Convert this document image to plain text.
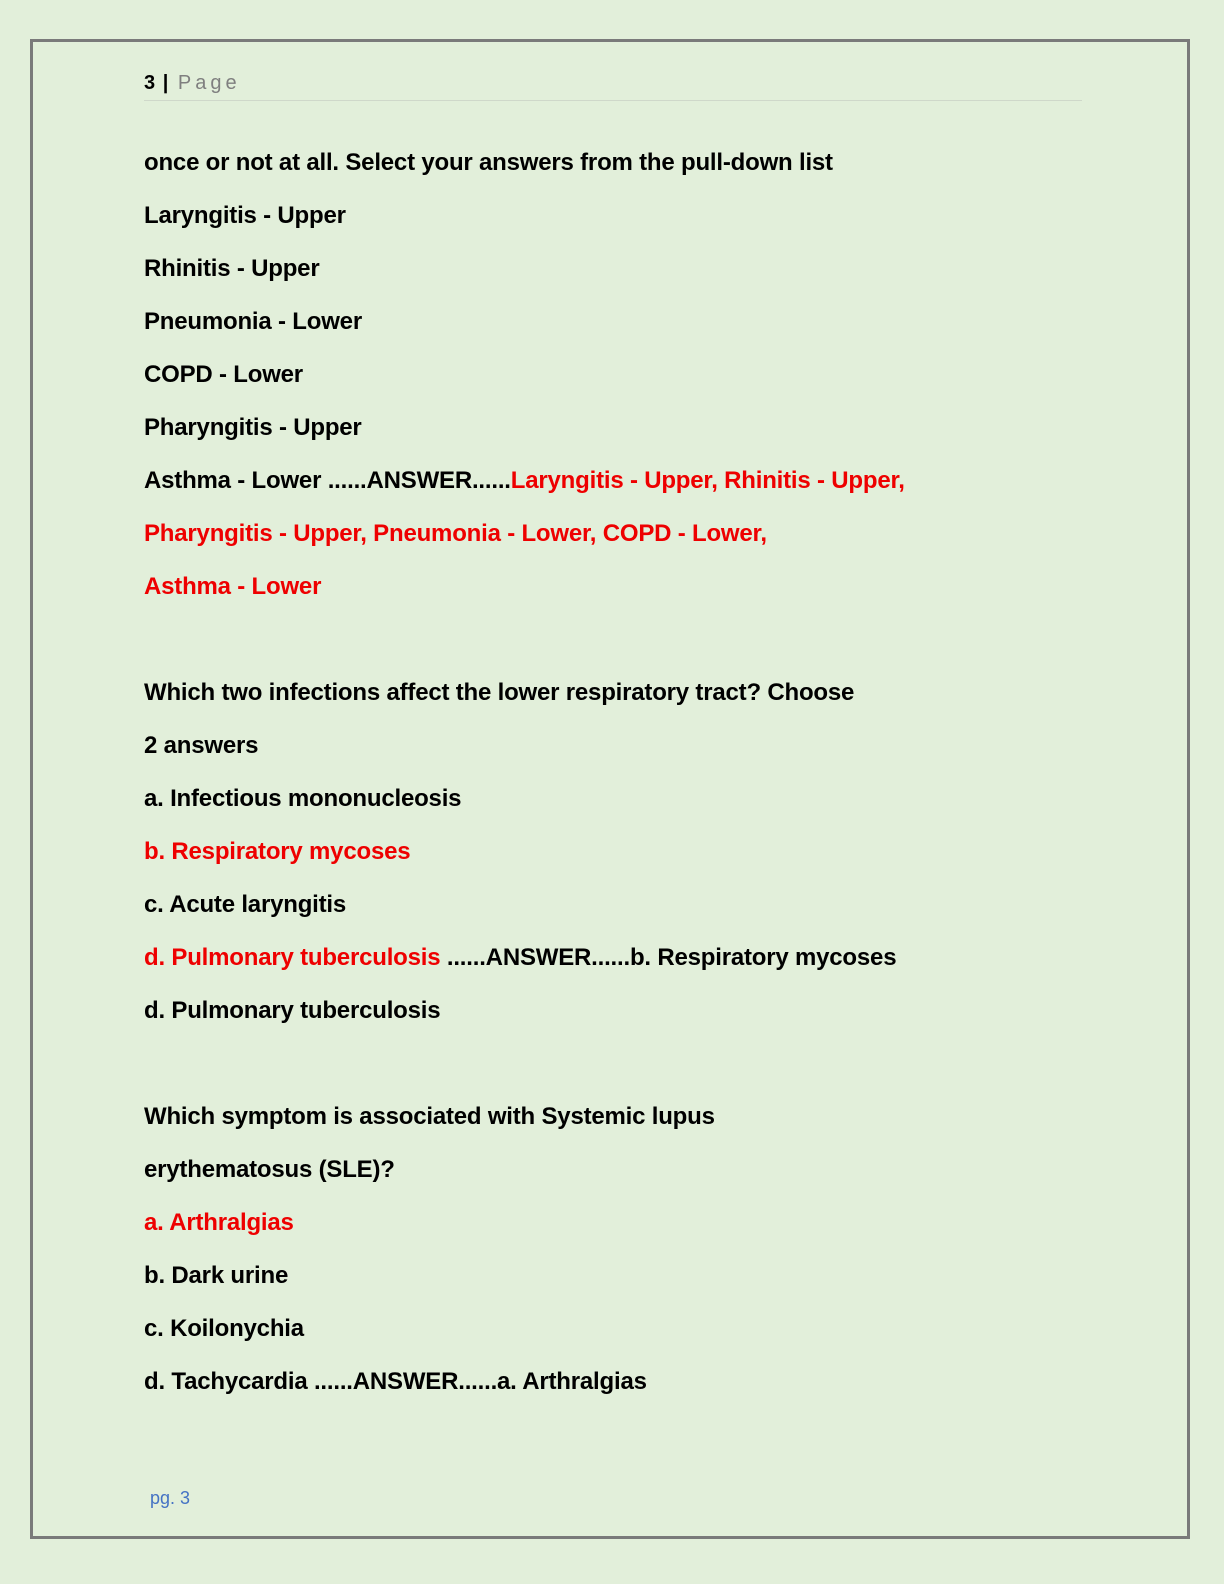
3 | Page
once or not at all. Select your answers from the pull-down list
Laryngitis - Upper
Rhinitis - Upper
Pneumonia - Lower
COPD - Lower
Pharyngitis - Upper
Asthma - Lower ......ANSWER......Laryngitis - Upper, Rhinitis - Upper,
Pharyngitis - Upper, Pneumonia - Lower, COPD - Lower,
Asthma - Lower
Which two infections affect the lower respiratory tract? Choose
2 answers
a. Infectious mononucleosis
b. Respiratory mycoses
c. Acute laryngitis
d. Pulmonary tuberculosis ......ANSWER......b. Respiratory mycoses
d. Pulmonary tuberculosis
Which symptom is associated with Systemic lupus
erythematosus (SLE)?
a. Arthralgias
b. Dark urine
c. Koilonychia
d. Tachycardia ......ANSWER......a. Arthralgias
pg. 3
